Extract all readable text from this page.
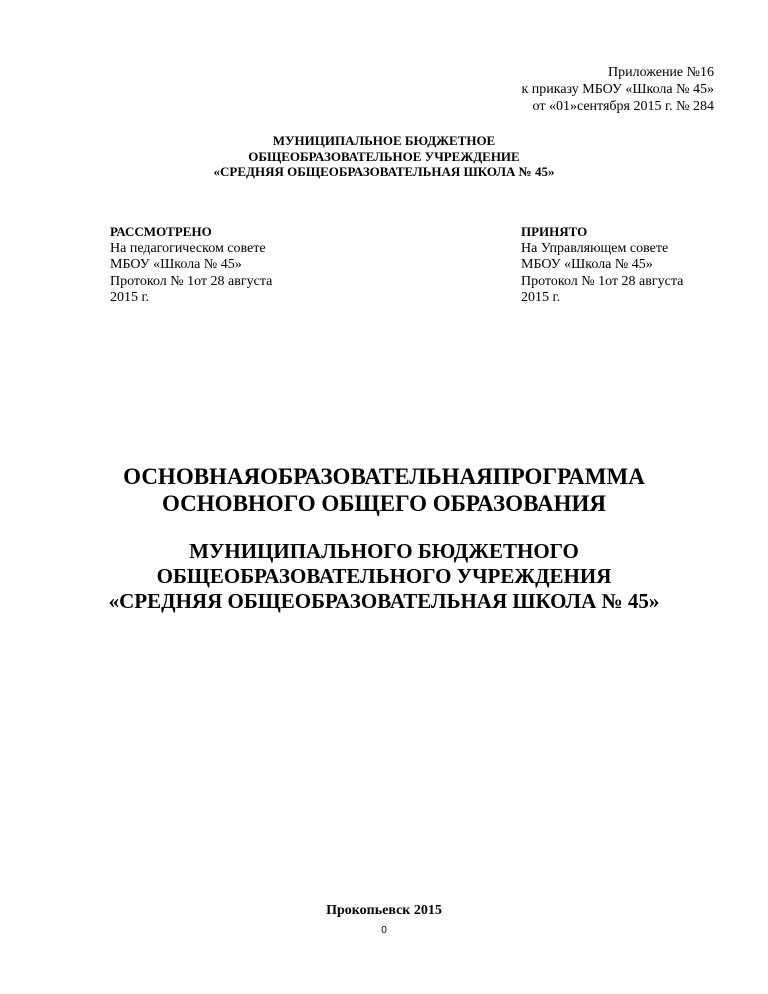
Приложение №16
к приказу МБОУ «Школа № 45»
от «01»сентября 2015 г. № 284
МУНИЦИПАЛЬНОЕ БЮДЖЕТНОЕ
ОБЩЕОБРАЗОВАТЕЛЬНОЕ УЧРЕЖДЕНИЕ
«СРЕДНЯЯ ОБЩЕОБРАЗОВАТЕЛЬНАЯ ШКОЛА № 45»
РАССМОТРЕНО
На педагогическом совете
МБОУ «Школа № 45»
Протокол № 1от 28 августа
2015 г.
ПРИНЯТО
На Управляющем совете
МБОУ «Школа № 45»
Протокол № 1от 28 августа
2015 г.
ОСНОВНАЯОБРАЗОВАТЕЛЬНАЯПРОГРАММА
ОСНОВНОГО ОБЩЕГО ОБРАЗОВАНИЯ
МУНИЦИПАЛЬНОГО БЮДЖЕТНОГО
ОБЩЕОБРАЗОВАТЕЛЬНОГО УЧРЕЖДЕНИЯ
«СРЕДНЯЯ ОБЩЕОБРАЗОВАТЕЛЬНАЯ ШКОЛА № 45»
Прокопьевск 2015
0
